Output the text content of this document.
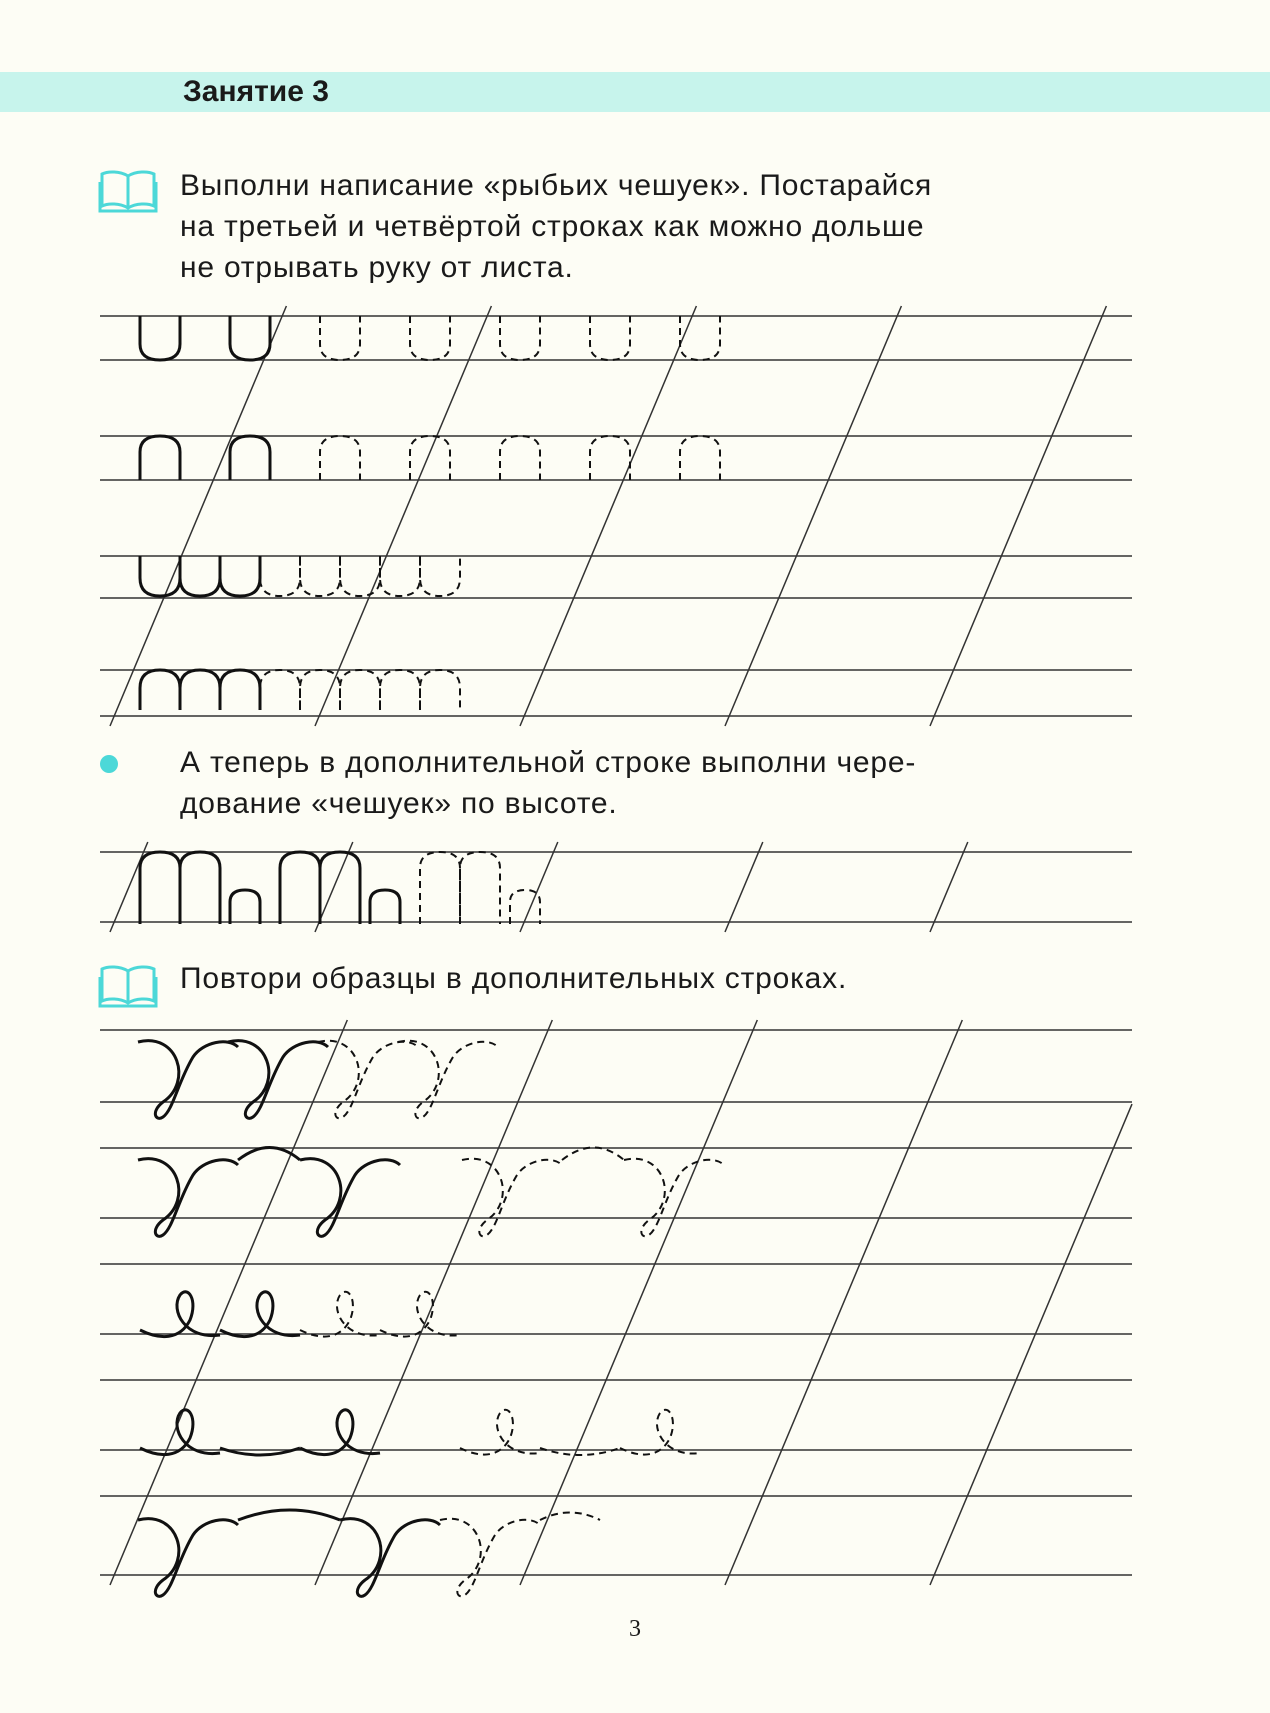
Занятие 3
Выполни написание «рыбьих чешуек». Постарайся
на третьей и четвёртой строках как можно дольше
не отрывать руку от листа.
А теперь в дополнительной строке выполни чере-
дование «чешуек» по высоте.
Повтори образцы в дополнительных строках.
3
